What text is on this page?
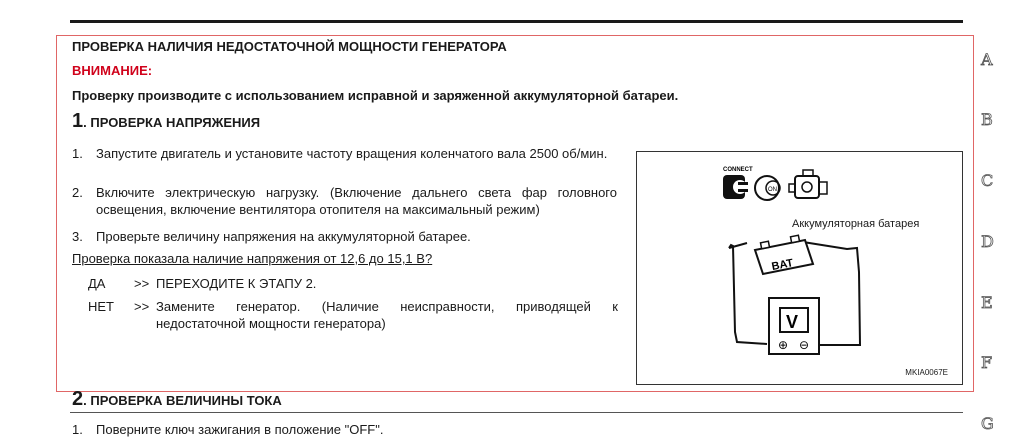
ПРОВЕРКА НАЛИЧИЯ НЕДОСТАТОЧНОЙ МОЩНОСТИ ГЕНЕРАТОРА
ВНИМАНИЕ:
Проверку производите с использованием исправной и заряженной аккумуляторной батареи.
1. ПРОВЕРКА НАПРЯЖЕНИЯ
1.	Запустите двигатель и установите частоту вращения коленчатого вала 2500 об/мин.
2.	Включите электрическую нагрузку. (Включение дальнего света фар головного освещения, включение вентилятора отопителя на максимальный режим)
3.	Проверьте величину напряжения на аккумуляторной батарее.
Проверка показала наличие напряжения от 12,6 до 15,1 В?
ДА	>> ПЕРЕХОДИТЕ К ЭТАПУ 2.
НЕТ	>> Замените генератор. (Наличие неисправности, приводящей к недостаточной мощности генератора)
CONNECT
ON
BAT
V
⊕ ⊖
Аккумуляторная батарея
MKIA0067E
2. ПРОВЕРКА ВЕЛИЧИНЫ ТОКА
1. Поверните ключ зажигания в положение "OFF".
A
B
C
D
E
F
G
